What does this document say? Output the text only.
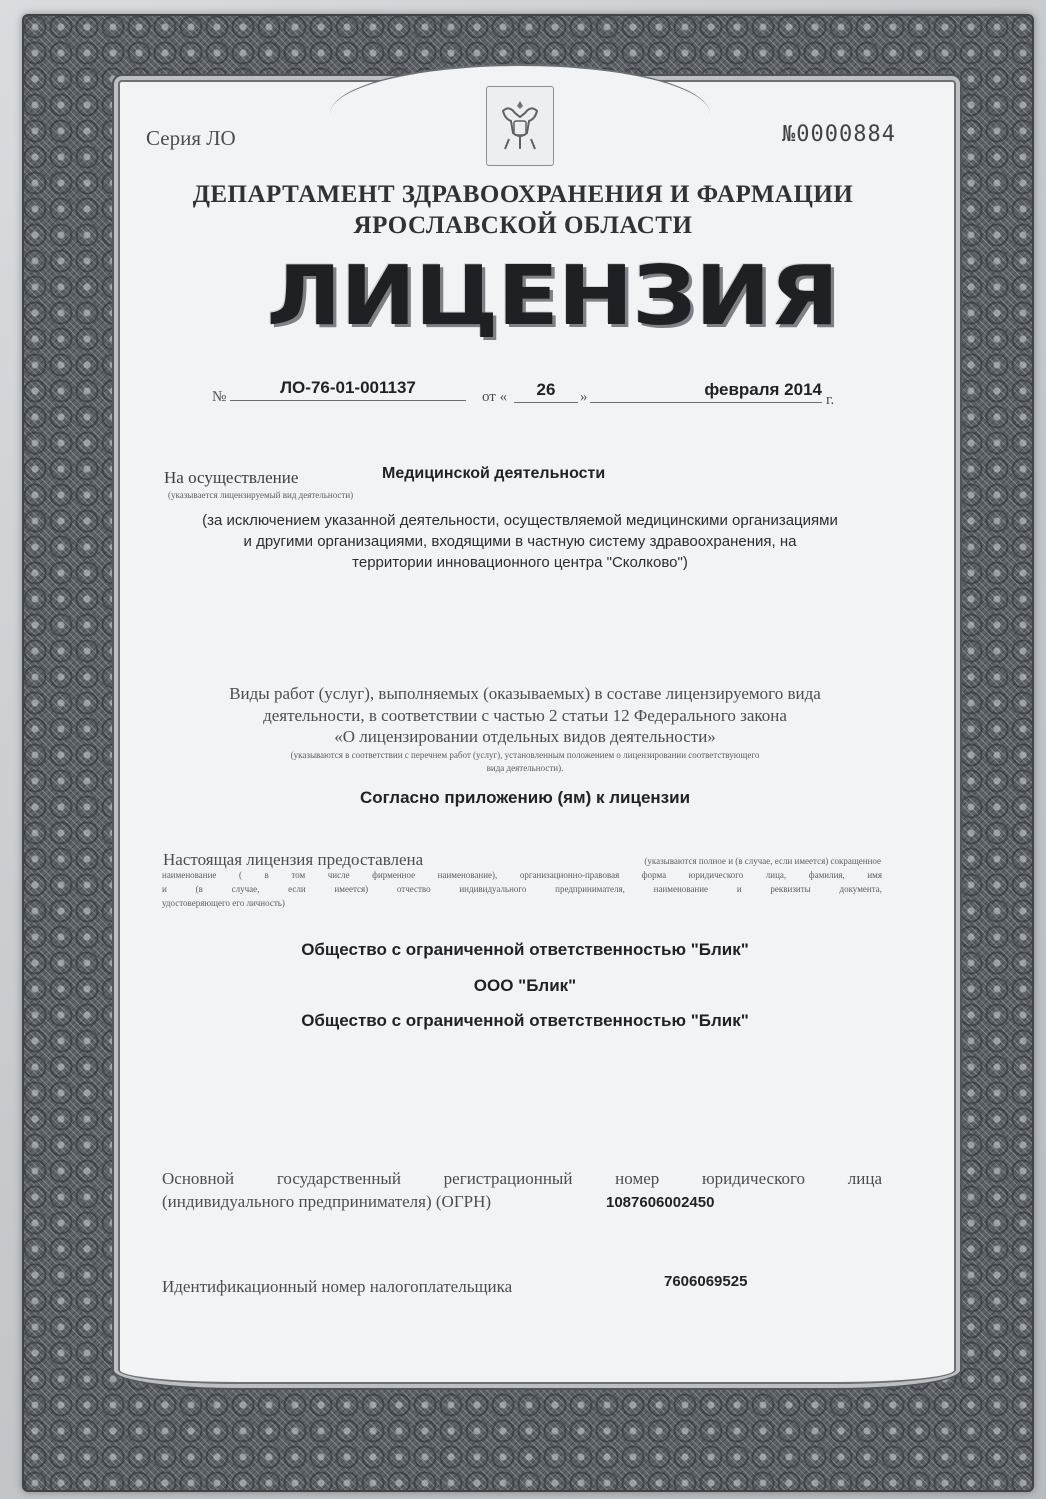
Серия ЛО	№0000884
ДЕПАРТАМЕНТ ЗДРАВООХРАНЕНИЯ И ФАРМАЦИИ
ЯРОСЛАВСКОЙ ОБЛАСТИ
ЛИЦЕНЗИЯ
№	ЛО-76-01-001137	от «	26	»	февраля 2014
г.
На осуществление	Медицинской деятельности
(указывается лицензируемый вид деятельности)
(за исключением указанной деятельности, осуществляемой медицинскими организациями
и другими организациями, входящими в частную систему здравоохранения, на
территории инновационного центра "Сколково")
Виды работ (услуг), выполняемых (оказываемых) в составе лицензируемого вида
деятельности, в соответствии с частью 2 статьи 12 Федерального закона
«О лицензировании отдельных видов деятельности»
(указываются в соответствии с перечнем работ (услуг), установленным положением о лицензировании соответствующего
вида деятельности).
Согласно приложению (ям) к лицензии
Настоящая лицензия предоставлена	(указываются полное и (в случае, если имеется) сокращенное
наименование ( в том числе фирменное наименование), организационно-правовая форма юридического лица, фамилия, имя
и (в случае, если имеется) отчество индивидуального предпринимателя, наименование и реквизиты документа,
удостоверяющего его личность)
Общество с ограниченной ответственностью "Блик"
ООО "Блик"
Общество с ограниченной ответственностью "Блик"
Основной государственный регистрационный номер юридического лица
(индивидуального предпринимателя) (ОГРН)	1087606002450
Идентификационный номер налогоплательщика	7606069525
